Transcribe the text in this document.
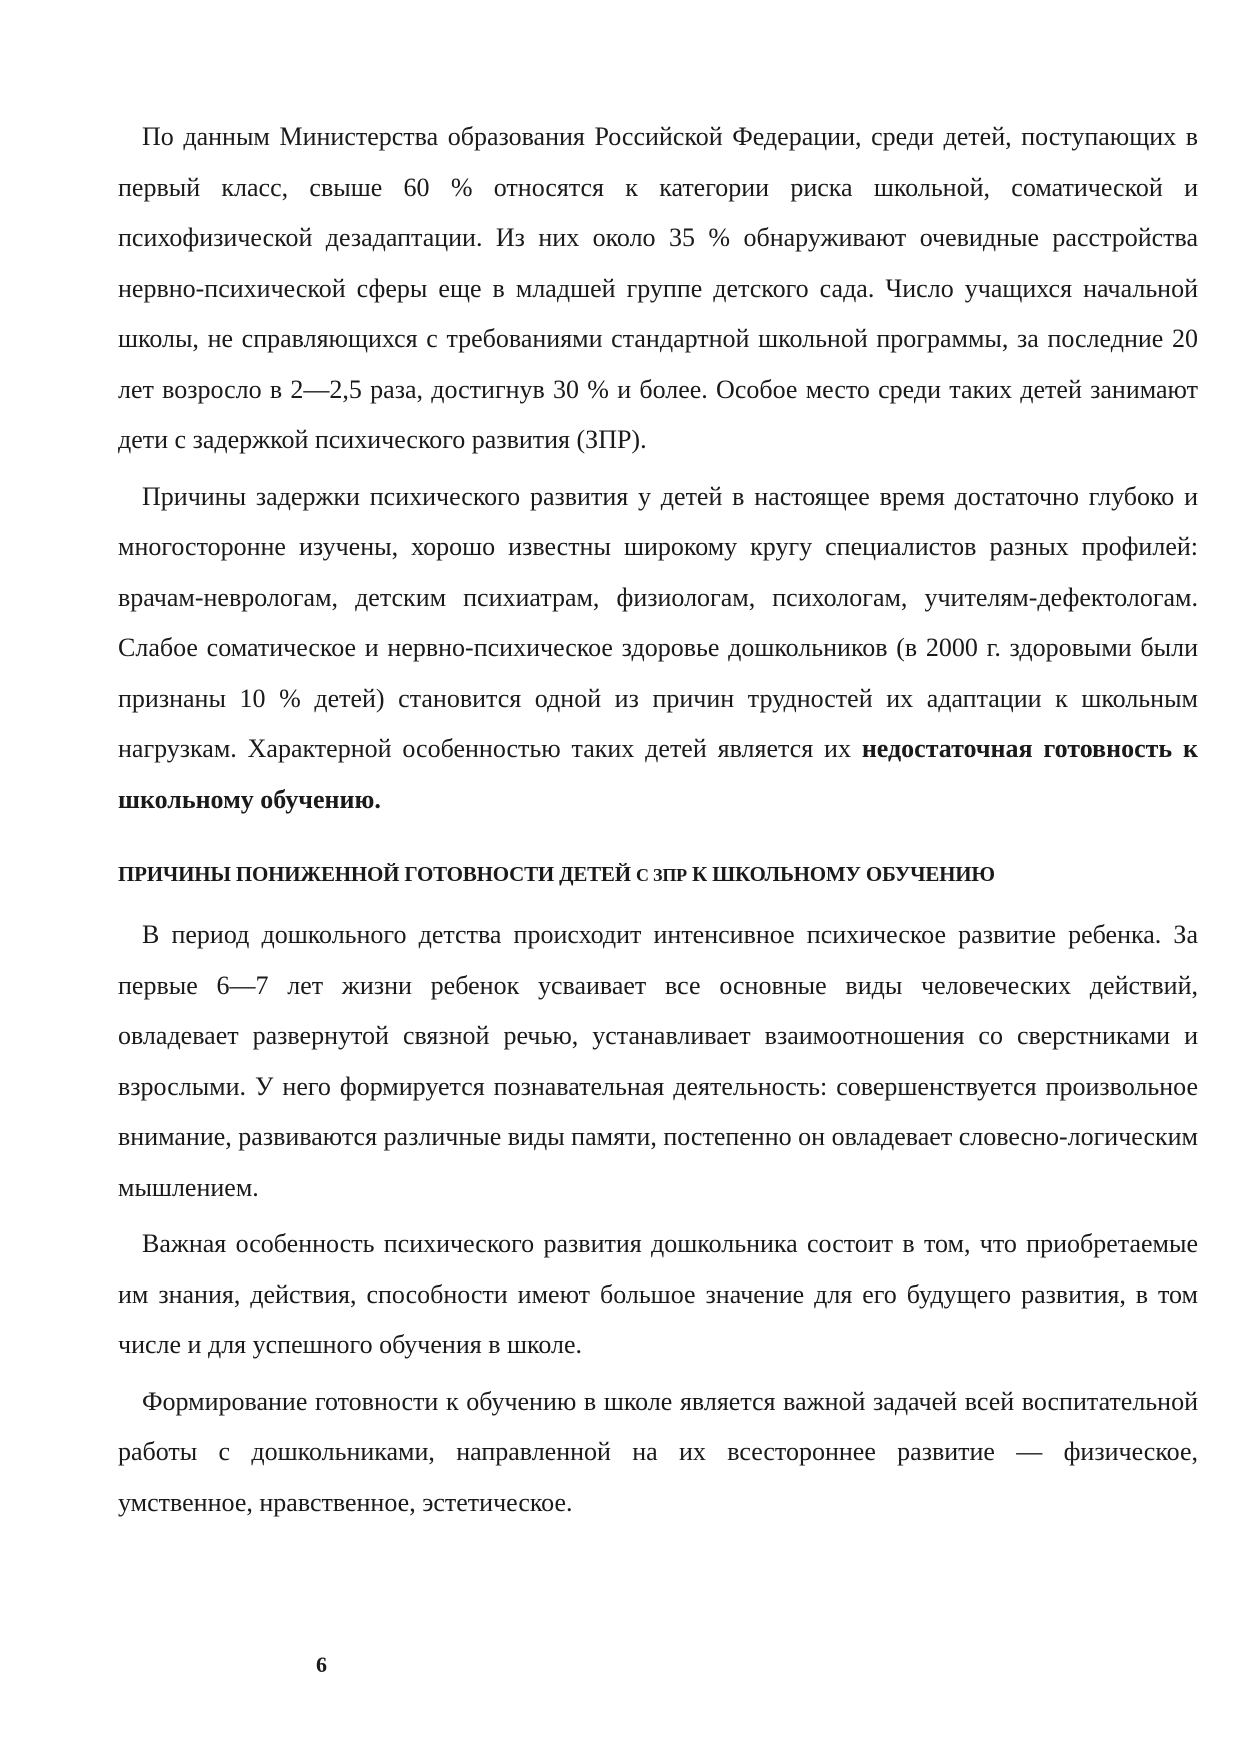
По данным Министерства образования Российской Федерации, среди детей, поступающих в первый класс, свыше 60 % относятся к категории риска школьной, соматической и психофизической дезадаптации. Из них около 35 % обнаруживают очевидные расстройства нервно-психической сферы еще в младшей группе детского сада. Число учащихся начальной школы, не справляющихся с требованиями стандартной школьной программы, за последние 20 лет возросло в 2—2,5 раза, достигнув 30 % и более. Особое место среди таких детей занимают дети с задержкой психического развития (ЗПР).

Причины задержки психического развития у детей в настоящее время достаточно глубоко и многосторонне изучены, хорошо известны широкому кругу специалистов разных профилей: врачам-неврологам, детским психиатрам, физиологам, психологам, учителям-дефектологам. Слабое соматическое и нервно-психическое здоровье дошкольников (в 2000 г. здоровыми были признаны 10 % детей) становится одной из причин трудностей их адаптации к школьным нагрузкам. Характерной особенностью таких детей является их недостаточная готовность к школьному обучению.

ПРИЧИНЫ ПОНИЖЕННОЙ ГОТОВНОСТИ ДЕТЕЙ С ЗПР К ШКОЛЬНОМУ ОБУЧЕНИЮ

В период дошкольного детства происходит интенсивное психическое развитие ребенка. За первые 6—7 лет жизни ребенок усваивает все основные виды человеческих действий, овладевает развернутой связной речью, устанавливает взаимоотношения со сверстниками и взрослыми. У него формируется познавательная деятельность: совершенствуется произвольное внимание, развиваются различные виды памяти, постепенно он овладевает словесно-логическим мышлением.

Важная особенность психического развития дошкольника состоит в том, что приобретаемые им знания, действия, способности имеют большое значение для его будущего развития, в том числе и для успешного обучения в школе.

Формирование готовности к обучению в школе является важной задачей всей воспитательной работы с дошкольниками, направленной на их всестороннее развитие — физическое, умственное, нравственное, эстетическое.

6
